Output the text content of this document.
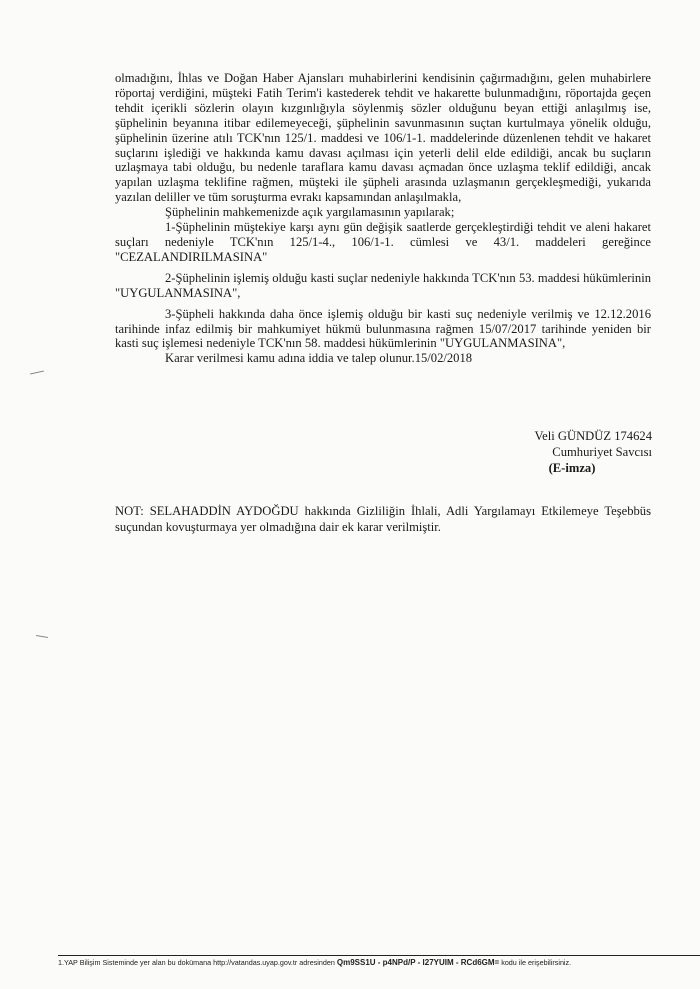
olmadığını, İhlas ve Doğan Haber Ajansları muhabirlerini kendisinin çağırmadığını, gelen muhabirlere röportaj verdiğini, müşteki Fatih Terim'i kastederek tehdit ve hakarette bulunmadığını, röportajda geçen tehdit içerikli sözlerin olayın kızgınlığıyla söylenmiş sözler olduğunu beyan ettiği anlaşılmış ise, şüphelinin beyanına itibar edilemeyeceği, şüphelinin savunmasının suçtan kurtulmaya yönelik olduğu, şüphelinin üzerine atılı TCK'nın 125/1. maddesi ve 106/1-1. maddelerinde düzenlenen tehdit ve hakaret suçlarını işlediği ve hakkında kamu davası açılması için yeterli delil elde edildiği, ancak bu suçların uzlaşmaya tabi olduğu, bu nedenle taraflara kamu davası açmadan önce uzlaşma teklif edildiği, ancak yapılan uzlaşma teklifine rağmen, müşteki ile şüpheli arasında uzlaşmanın gerçekleşmediği, yukarıda yazılan deliller ve tüm soruşturma evrakı kapsamından anlaşılmakla,

Şüphelinin mahkemenizde açık yargılamasının yapılarak;

1-Şüphelinin müştekiye karşı aynı gün değişik saatlerde gerçekleştirdiği tehdit ve aleni hakaret suçları nedeniyle TCK'nın 125/1-4., 106/1-1. cümlesi ve 43/1. maddeleri gereğince "CEZALANDIRILMASINA"

2-Şüphelinin işlemiş olduğu kasti suçlar nedeniyle hakkında TCK'nın 53. maddesi hükümlerinin "UYGULANMASINA",

3-Şüpheli hakkında daha önce işlemiş olduğu bir kasti suç nedeniyle verilmiş ve 12.12.2016 tarihinde infaz edilmiş bir mahkumiyet hükmü bulunmasına rağmen 15/07/2017 tarihinde yeniden bir kasti suç işlemesi nedeniyle TCK'nın 58. maddesi hükümlerinin "UYGULANMASINA",

Karar verilmesi kamu adına iddia ve talep olunur.15/02/2018

Veli GÜNDÜZ 174624
Cumhuriyet Savcısı
(E-imza)

NOT: SELAHADDİN AYDOĞDU hakkında Gizliliğin İhlali, Adli Yargılamayı Etkilemeye Teşebbüs suçundan kovuşturmaya yer olmadığına dair ek karar verilmiştir.

1.YAP Bilişim Sisteminde yer alan bu dokümana http://vatandas.uyap.gov.tr adresinden Qm9SS1U - p4NPd/P - I27YUIM - RCd6GM= kodu ile erişebilirsiniz.
